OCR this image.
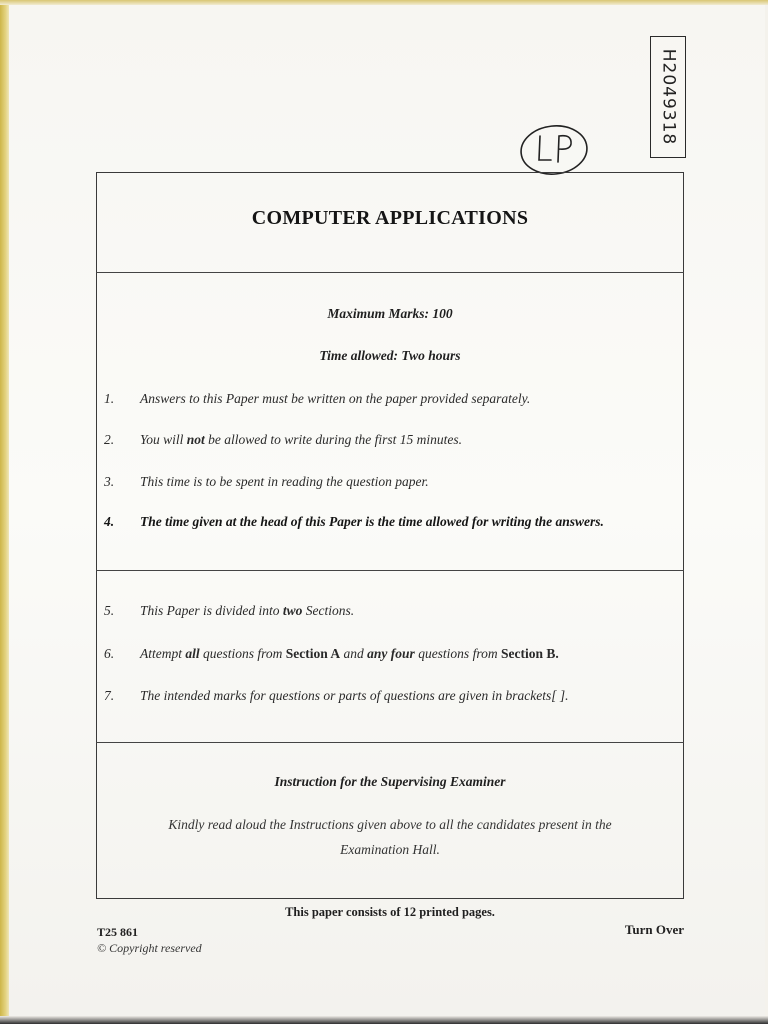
H2049318
COMPUTER APPLICATIONS
Maximum Marks: 100
Time allowed: Two hours
1. Answers to this Paper must be written on the paper provided separately.
2. You will not be allowed to write during the first 15 minutes.
3. This time is to be spent in reading the question paper.
4. The time given at the head of this Paper is the time allowed for writing the answers.
5. This Paper is divided into two Sections.
6. Attempt all questions from Section A and any four questions from Section B.
7. The intended marks for questions or parts of questions are given in brackets[ ].
Instruction for the Supervising Examiner
Kindly read aloud the Instructions given above to all the candidates present in the
Examination Hall.
This paper consists of 12 printed pages.
T25 861
© Copyright reserved
Turn Over
